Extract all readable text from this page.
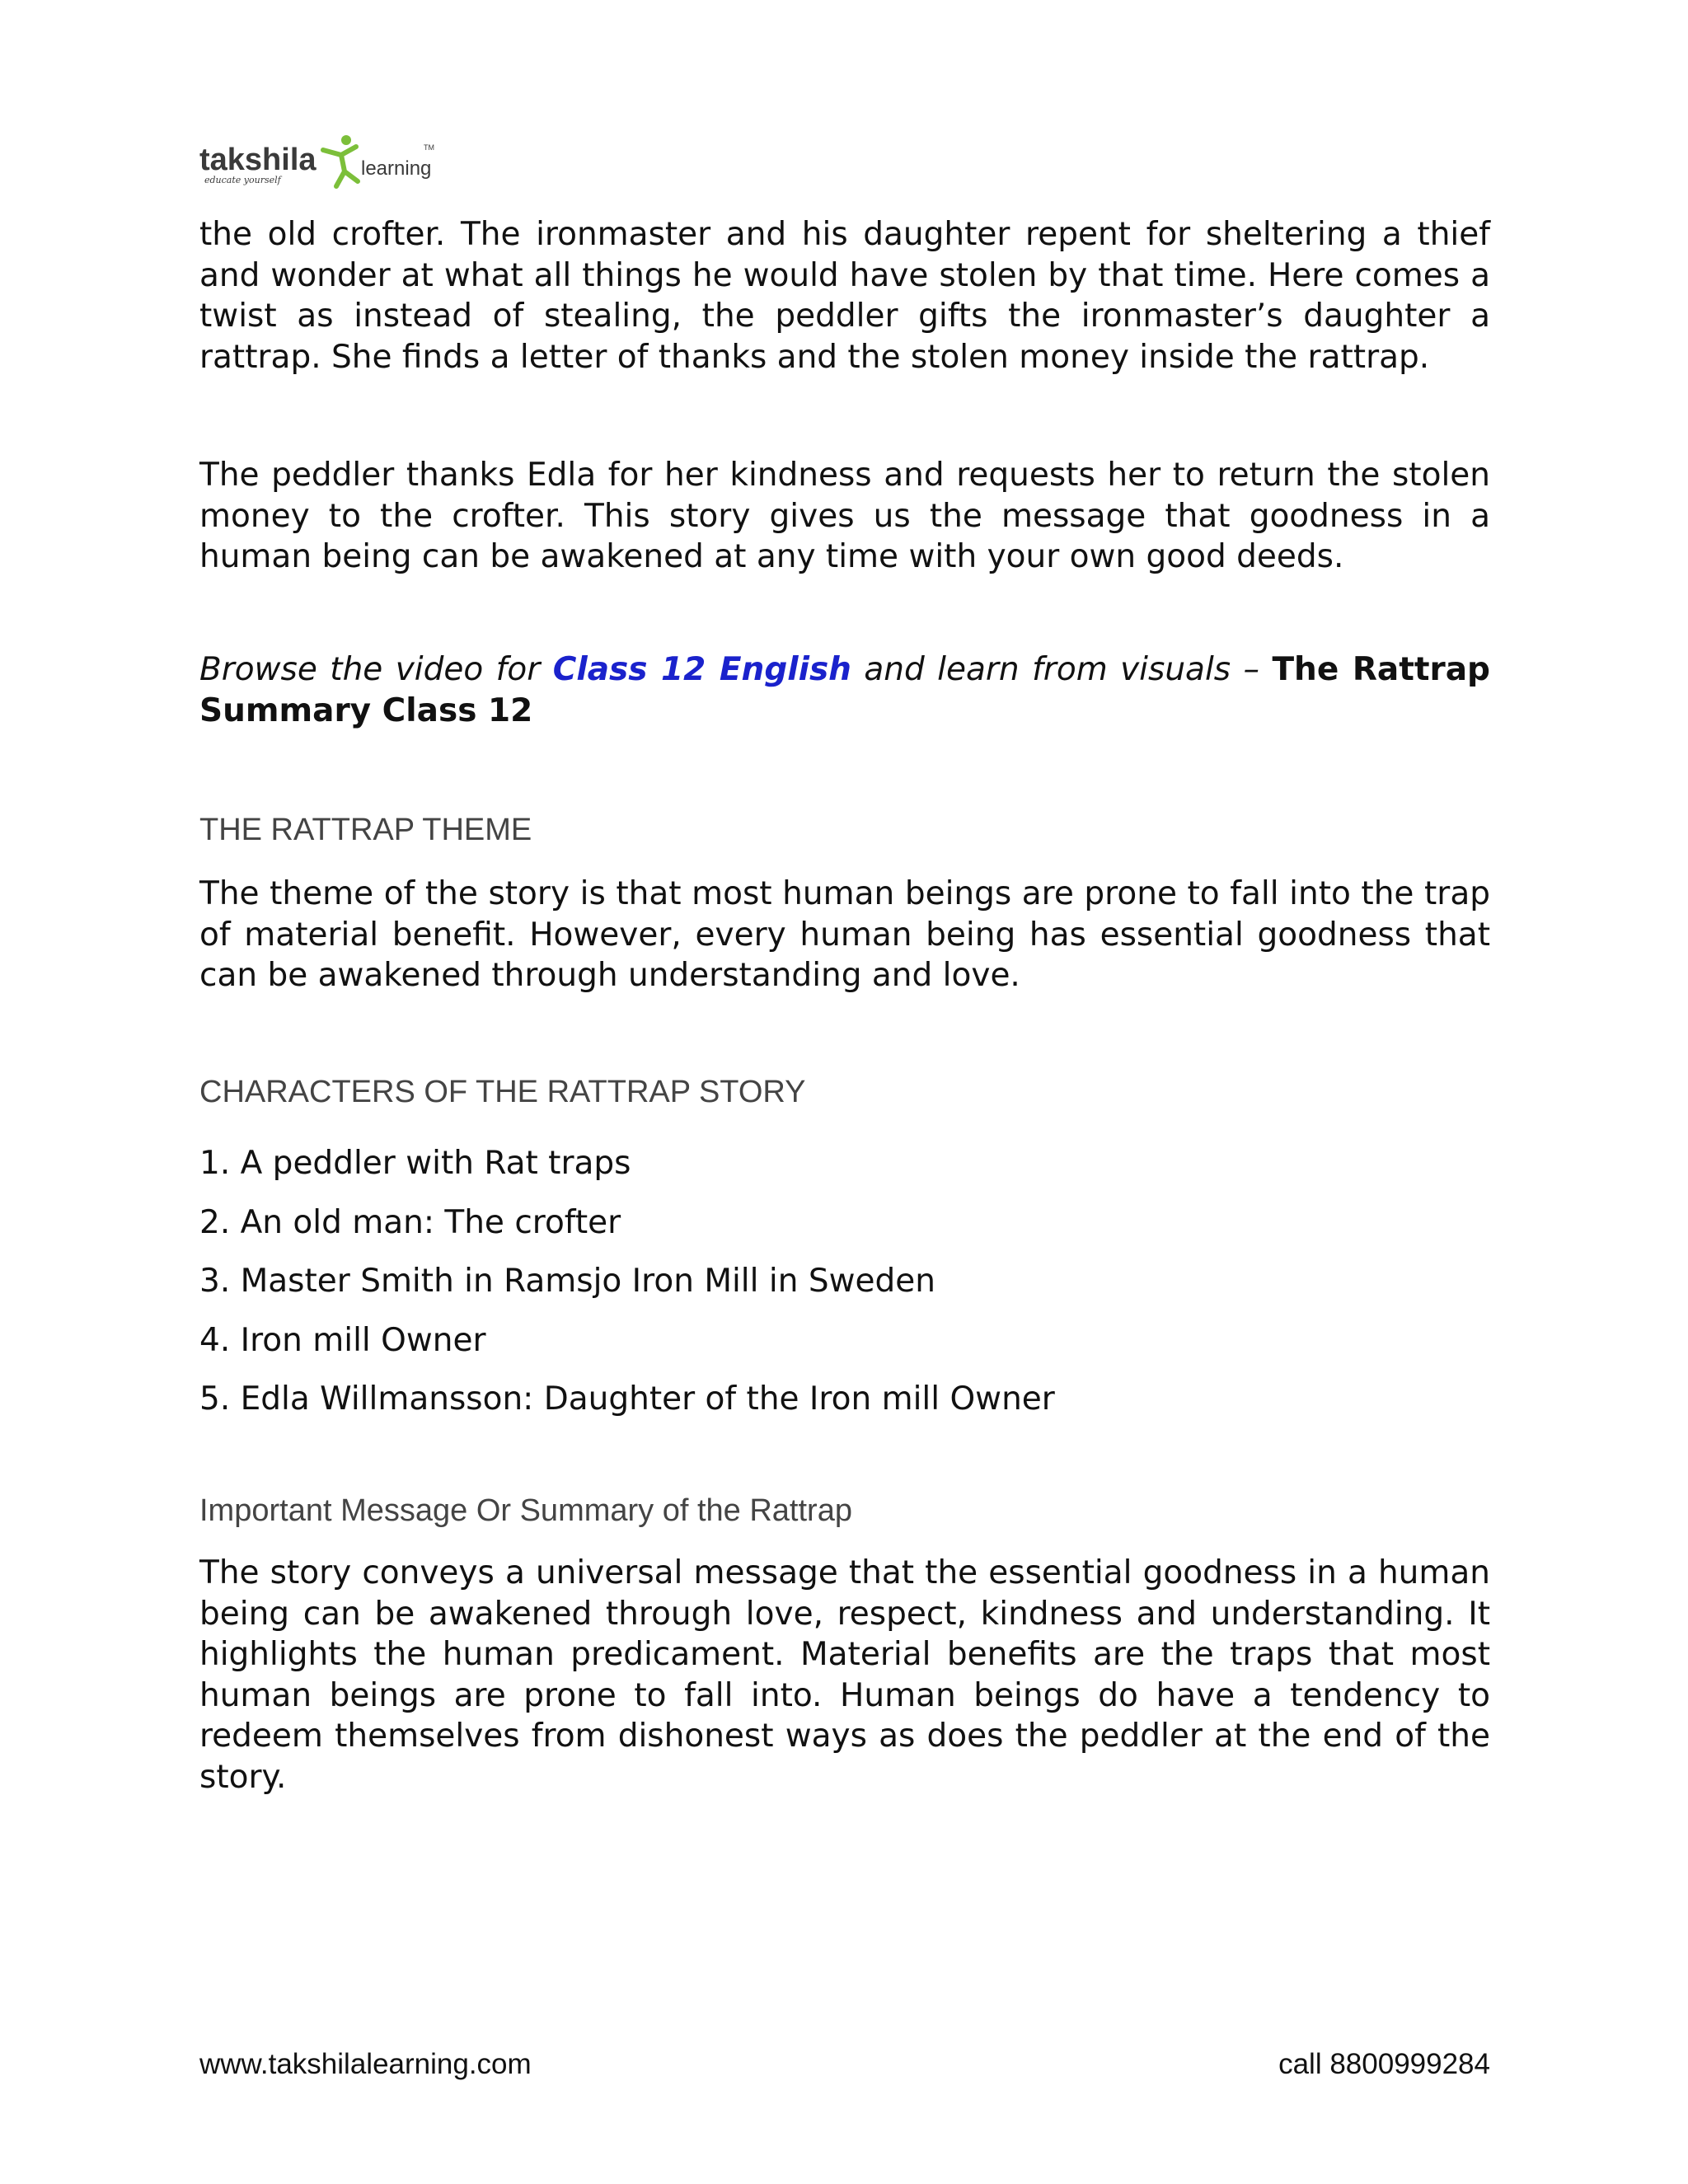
takshila learning
TM
educate yourself

the old crofter. The ironmaster and his daughter repent for sheltering a thief and wonder at what all things he would have stolen by that time. Here comes a twist as instead of stealing, the peddler gifts the ironmaster’s daughter a rattrap. She finds a letter of thanks and the stolen money inside the rattrap.

The peddler thanks Edla for her kindness and requests her to return the stolen money to the crofter. This story gives us the message that goodness in a human being can be awakened at any time with your own good deeds.

Browse the video for Class 12 English and learn from visuals – The Rattrap Summary Class 12

THE RATTRAP THEME

The theme of the story is that most human beings are prone to fall into the trap of material benefit. However, every human being has essential goodness that can be awakened through understanding and love.

CHARACTERS OF THE RATTRAP STORY
1. A peddler with Rat traps
2. An old man: The crofter
3. Master Smith in Ramsjo Iron Mill in Sweden
4. Iron mill Owner
5. Edla Willmansson: Daughter of the Iron mill Owner
Important Message Or Summary of the Rattrap

The story conveys a universal message that the essential goodness in a human being can be awakened through love, respect, kindness and understanding. It highlights the human predicament. Material benefits are the traps that most human beings are prone to fall into. Human beings do have a tendency to redeem themselves from dishonest ways as does the peddler at the end of the story.

www.takshilalearning.com	call 8800999284
